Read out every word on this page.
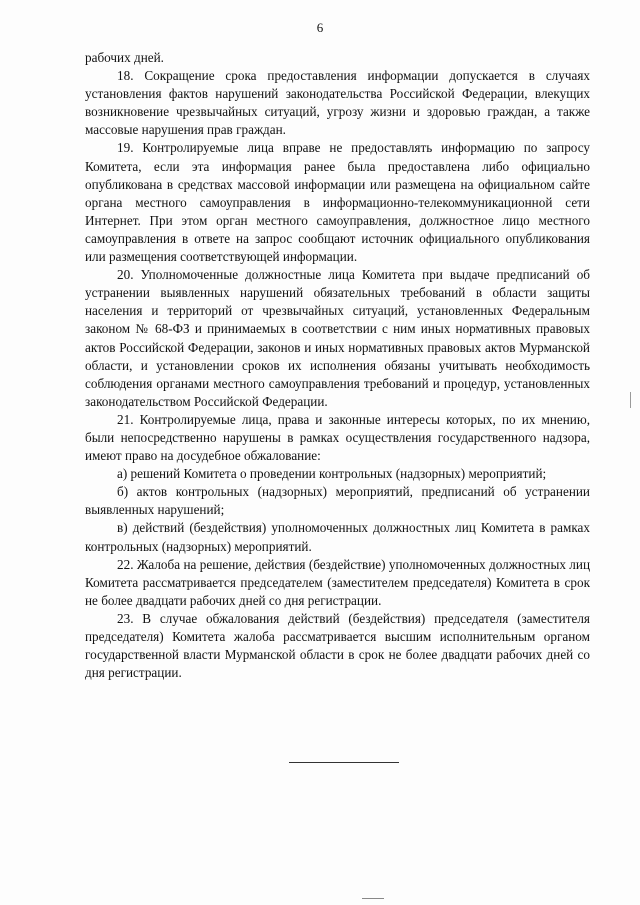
6

рабочих дней.

18. Сокращение срока предоставления информации допускается в случаях установления фактов нарушений законодательства Российской Федерации, влекущих возникновение чрезвычайных ситуаций, угрозу жизни и здоровью граждан, а также массовые нарушения прав граждан.

19. Контролируемые лица вправе не предоставлять информацию по запросу Комитета, если эта информация ранее была предоставлена либо официально опубликована в средствах массовой информации или размещена на официальном сайте органа местного самоуправления в информационно-телекоммуникационной сети Интернет. При этом орган местного самоуправления, должностное лицо местного самоуправления в ответе на запрос сообщают источник официального опубликования или размещения соответствующей информации.

20. Уполномоченные должностные лица Комитета при выдаче предписаний об устранении выявленных нарушений обязательных требований в области защиты населения и территорий от чрезвычайных ситуаций, установленных Федеральным законом № 68-ФЗ и принимаемых в соответствии с ним иных нормативных правовых актов Российской Федерации, законов и иных нормативных правовых актов Мурманской области, и установлении сроков их исполнения обязаны учитывать необходимость соблюдения органами местного самоуправления требований и процедур, установленных законодательством Российской Федерации.

21. Контролируемые лица, права и законные интересы которых, по их мнению, были непосредственно нарушены в рамках осуществления государственного надзора, имеют право на досудебное обжалование:

а) решений Комитета о проведении контрольных (надзорных) мероприятий;

б) актов контрольных (надзорных) мероприятий, предписаний об устранении выявленных нарушений;

в) действий (бездействия) уполномоченных должностных лиц Комитета в рамках контрольных (надзорных) мероприятий.

22. Жалоба на решение, действия (бездействие) уполномоченных должностных лиц Комитета рассматривается председателем (заместителем председателя) Комитета в срок не более двадцати рабочих дней со дня регистрации.

23. В случае обжалования действий (бездействия) председателя (заместителя председателя) Комитета жалоба рассматривается высшим исполнительным органом государственной власти Мурманской области в срок не более двадцати рабочих дней со дня регистрации.
